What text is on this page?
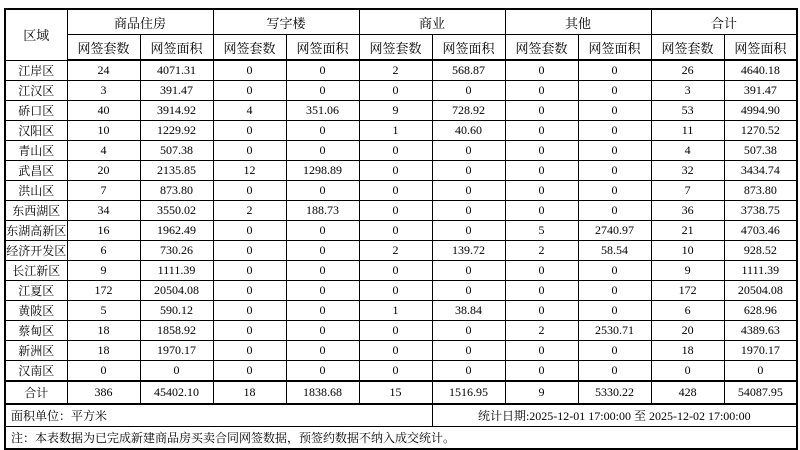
区域	商品住房		写字楼		商业		其他		合计	
	网签套数	网签面积	网签套数	网签面积	网签套数	网签面积	网签套数	网签面积	网签套数	网签面积
江岸区	24	4071.31	0	0	2	568.87	0	0	26	4640.18
江汉区	3	391.47	0	0	0	0	0	0	3	391.47
硚口区	40	3914.92	4	351.06	9	728.92	0	0	53	4994.90
汉阳区	10	1229.92	0	0	1	40.60	0	0	11	1270.52
青山区	4	507.38	0	0	0	0	0	0	4	507.38
武昌区	20	2135.85	12	1298.89	0	0	0	0	32	3434.74
洪山区	7	873.80	0	0	0	0	0	0	7	873.80
东西湖区	34	3550.02	2	188.73	0	0	0	0	36	3738.75
东湖高新区	16	1962.49	0	0	0	0	5	2740.97	21	4703.46
经济开发区	6	730.26	0	0	2	139.72	2	58.54	10	928.52
长江新区	9	1111.39	0	0	0	0	0	0	9	1111.39
江夏区	172	20504.08	0	0	0	0	0	0	172	20504.08
黄陂区	5	590.12	0	0	1	38.84	0	0	6	628.96
蔡甸区	18	1858.92	0	0	0	0	2	2530.71	20	4389.63
新洲区	18	1970.17	0	0	0	0	0	0	18	1970.17
汉南区	0	0	0	0	0	0	0	0	0	0
合计	386	45402.10	18	1838.68	15	1516.95	9	5330.22	428	54087.95
面积单位：平方米						统计日期:2025-12-01 17:00:00 至 2025-12-02 17:00:00				
注：本表数据为已完成新建商品房买卖合同网签数据，预签约数据不纳入成交统计。										
